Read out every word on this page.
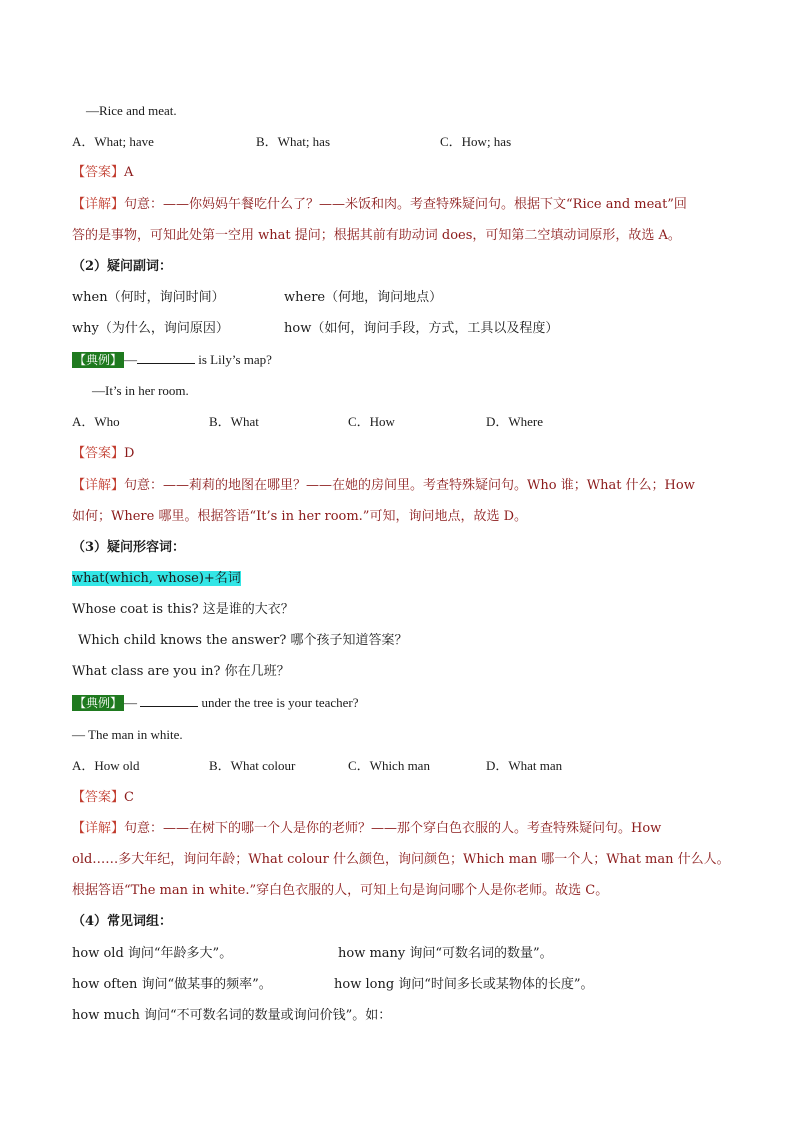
—Rice and meat.
A．What; have	B．What; has	C．How; has
【答案】A
【详解】句意：——你妈妈午餐吃什么了？——米饭和肉。考查特殊疑问句。根据下文“Rice and meat”回
答的是事物，可知此处第一空用 what 提问；根据其前有助动词 does，可知第二空填动词原形，故选 A。
（2）疑问副词：
when（何时，询问时间）	where（何地，询问地点）
why（为什么，询问原因）	how（如何，询问手段，方式，工具以及程度）
【典例】 —	is Lily’s map?
—It’s in her room.
A．Who	B．What	C．How	D．Where
【答案】D
【详解】句意：——莉莉的地图在哪里？——在她的房间里。考查特殊疑问句。Who 谁；What 什么；How
如何；Where 哪里。根据答语“It’s in her room.”可知，询问地点，故选 D。
（3）疑问形容词：
what(which, whose)+名词
Whose coat is this? 这是谁的大衣？
Which child knows the answer? 哪个孩子知道答案？
What class are you in? 你在几班？
【典例】 —	under the tree is your teacher?
— The man in white.
A．How old	B．What colour	C．Which man	D．What man
【答案】C
【详解】句意：——在树下的哪一个人是你的老师？——那个穿白色衣服的人。考查特殊疑问句。How
old……多大年纪，询问年龄；What colour 什么颜色，询问颜色；Which man 哪一个人；What man 什么人。
根据答语“The man in white.”穿白色衣服的人，可知上句是询问哪个人是你老师。故选 C。
（4）常见词组：
how old 询问“年龄多大”。	how many 询问“可数名词的数量”。
how often 询问“做某事的频率”。	how long 询问“时间多长或某物体的长度”。
how much 询问“不可数名词的数量或询问价钱”。如：
